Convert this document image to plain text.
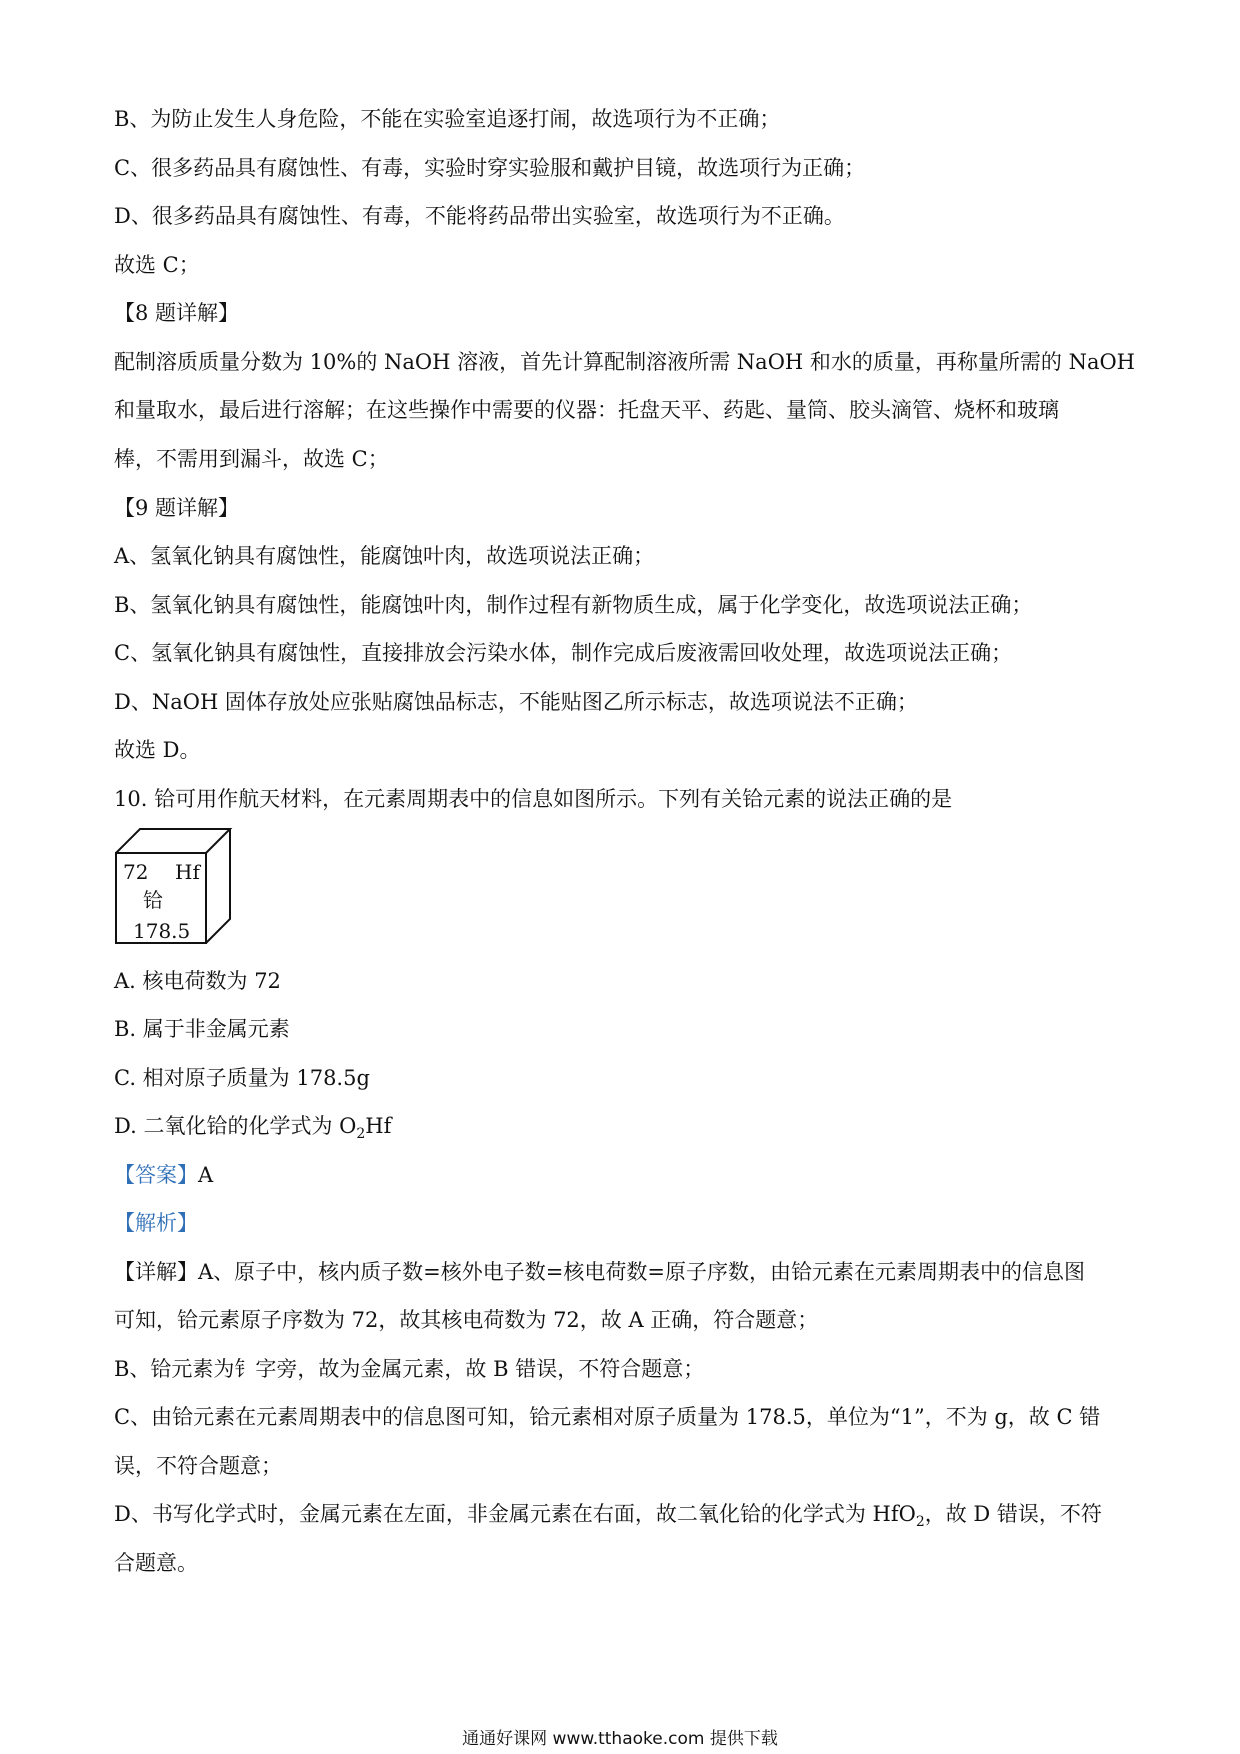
B、为防止发生人身危险，不能在实验室追逐打闹，故选项行为不正确；
C、很多药品具有腐蚀性、有毒，实验时穿实验服和戴护目镜，故选项行为正确；
D、很多药品具有腐蚀性、有毒，不能将药品带出实验室，故选项行为不正确。
故选 C；
【8 题详解】
配制溶质质量分数为 10%的 NaOH 溶液，首先计算配制溶液所需 NaOH 和水的质量，再称量所需的 NaOH
和量取水，最后进行溶解；在这些操作中需要的仪器：托盘天平、药匙、量筒、胶头滴管、烧杯和玻璃
棒，不需用到漏斗，故选 C；
【9 题详解】
A、氢氧化钠具有腐蚀性，能腐蚀叶肉，故选项说法正确；
B、氢氧化钠具有腐蚀性，能腐蚀叶肉，制作过程有新物质生成，属于化学变化，故选项说法正确；
C、氢氧化钠具有腐蚀性，直接排放会污染水体，制作完成后废液需回收处理，故选项说法正确；
D、NaOH 固体存放处应张贴腐蚀品标志，不能贴图乙所示标志，故选项说法不正确；
故选 D。
10. 铪可用作航天材料，在元素周期表中的信息如图所示。下列有关铪元素的说法正确的是
72 Hf
铪
178.5
A. 核电荷数为 72
B. 属于非金属元素
C. 相对原子质量为 178.5g
D. 二氧化铪的化学式为 $O_2Hf$
【答案】A
【解析】
【详解】A、原子中，核内质子数=核外电子数=核电荷数=原子序数，由铪元素在元素周期表中的信息图
可知，铪元素原子序数为 72，故其核电荷数为 72，故 A 正确，符合题意；
B、铪元素为钅字旁，故为金属元素，故 B 错误，不符合题意；
C、由铪元素在元素周期表中的信息图可知，铪元素相对原子质量为 178.5，单位为“1”，不为 g，故 C 错
误，不符合题意；
D、书写化学式时，金属元素在左面，非金属元素在右面，故二氧化铪的化学式为 HfO$_2$，故 D 错误，不符
合题意。
通通好课网 www.tthaoke.com 提供下载
